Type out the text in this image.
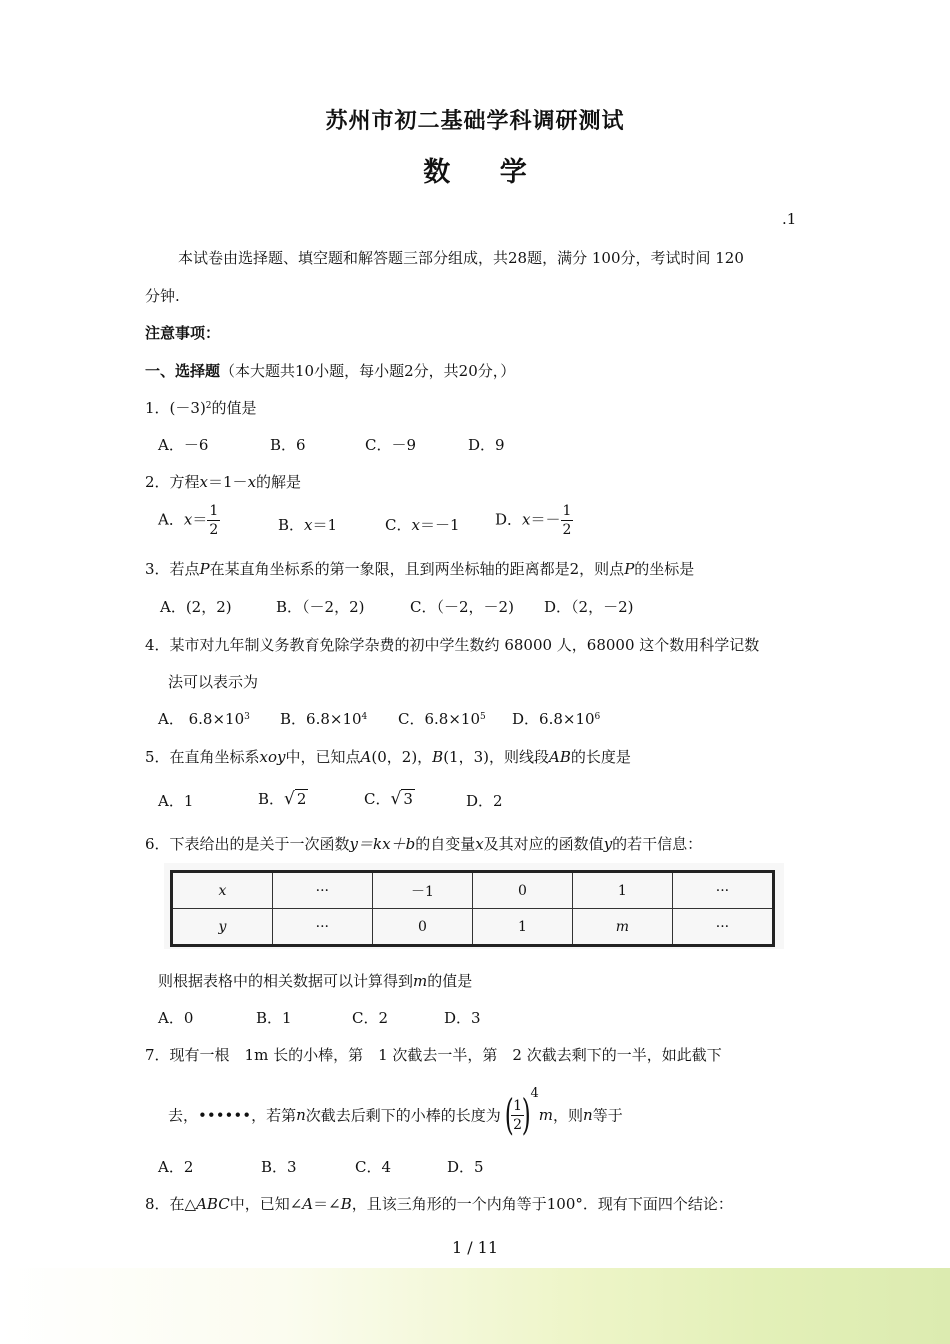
苏州市初二基础学科调研测试
数 学
.1
本试卷由选择题、填空题和解答题三部分组成，共28题，满分 100分，考试时间 120
分钟.
注意事项：
一、选择题（本大题共10小题，每小题2分，共20分，）
1．$(-3)^2$的值是
A．－6	B．6	C．－9	D．9
2．方程x＝1－x的解是
A．$x= \frac{1}{2}$	B．x＝1	C．x＝－1 D．$x=- \frac{1}{2}$
3．若点P在某直角坐标系的第一象限，且到两坐标轴的距离都是2，则点P的坐标是
A．(2，2)	B．（－2，2)	C．（－2，－2) D．（2，－2)
4．某市对九年制义务教育免除学杂费的初中学生数约 68000 人，68000 这个数用科学记数
法可以表示为
A． $6.8\times 10^3$ B．$6.8\times 10^4$ C．$6.8\times 10^5$ D．$6.8\times 10^6$
5．在直角坐标系xoy中，已知点A(0，2)，B(1，3)，则线段AB的长度是
A．1	B．√ 2	C．√ 3	D．2
6．下表给出的是关于一次函数y＝kx＋b的自变量x及其对应的函数值y的若干信息：
x	···	－1	0	1	···
y	···	0	1	m	···
则根据表格中的相关数据可以计算得到m的值是
A．0	B．1	C．2	D．3
7．现有一根　1m 长的小棒，第　1 次截去一半，第　2 次截去剩下的一半，如此截下
去，••••••，若第n次截去后剩下的小棒的长度为(
$\frac{1}{2}$
)$^4$m，则n等于
A．2	B．3	C．4	D．5
8．在△ABC中，已知∠A＝∠B，且该三角形的一个内角等于100°．现有下面四个结论：
1 / 11
